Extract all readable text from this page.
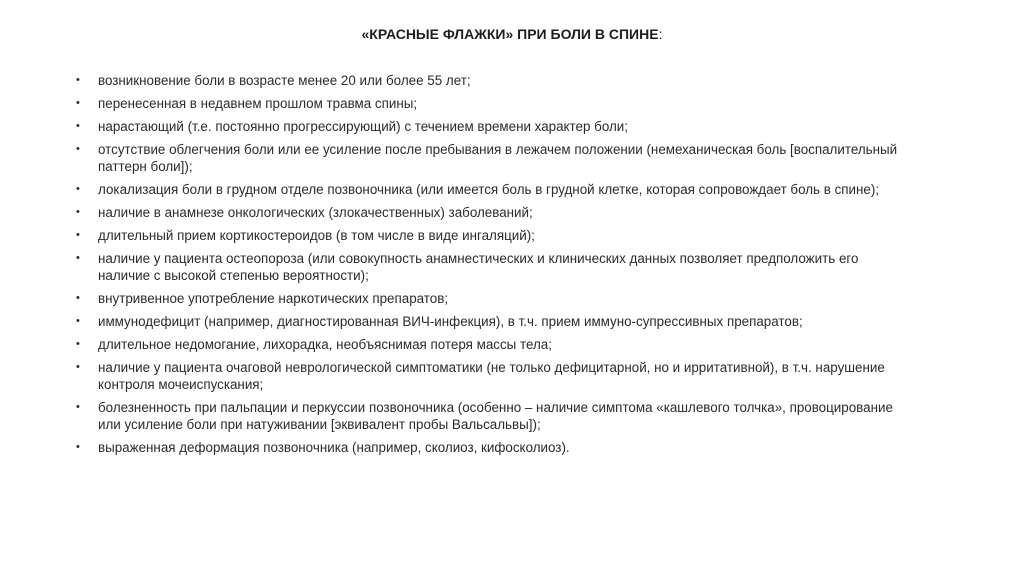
«КРАСНЫЕ ФЛАЖКИ» ПРИ БОЛИ В СПИНЕ:
• возникновение боли в возрасте менее 20 или более 55 лет;
• перенесенная в недавнем прошлом травма спины;
• нарастающий (т.е. постоянно прогрессирующий) с течением времени характер боли;
• отсутствие облегчения боли или ее усиление после пребывания в лежачем положении (немеханическая боль [воспалительный паттерн боли]);
• локализация боли в грудном отделе позвоночника (или имеется боль в грудной клетке, которая сопровождает боль в спине);
• наличие в анамнезе онкологических (злокачественных) заболеваний;
• длительный прием кортикостероидов (в том числе в виде ингаляций);
• наличие у пациента остеопороза (или совокупность анамнестических и клинических данных позволяет предположить его наличие с высокой степенью вероятности);
• внутривенное употребление наркотических препаратов;
• иммунодефицит (например, диагностированная ВИЧ-инфекция), в т.ч. прием иммуно-супрессивных препаратов;
• длительное недомогание, лихорадка, необъяснимая потеря массы тела;
• наличие у пациента очаговой неврологической симптоматики (не только дефицитарной, но и ирритативной), в т.ч. нарушение контроля мочеиспускания;
• болезненность при пальпации и перкуссии позвоночника (особенно – наличие симптома «кашлевого толчка», провоцирование или усиление боли при натуживании [эквивалент пробы Вальсальвы]);
• выраженная деформация позвоночника (например, сколиоз, кифосколиоз).
